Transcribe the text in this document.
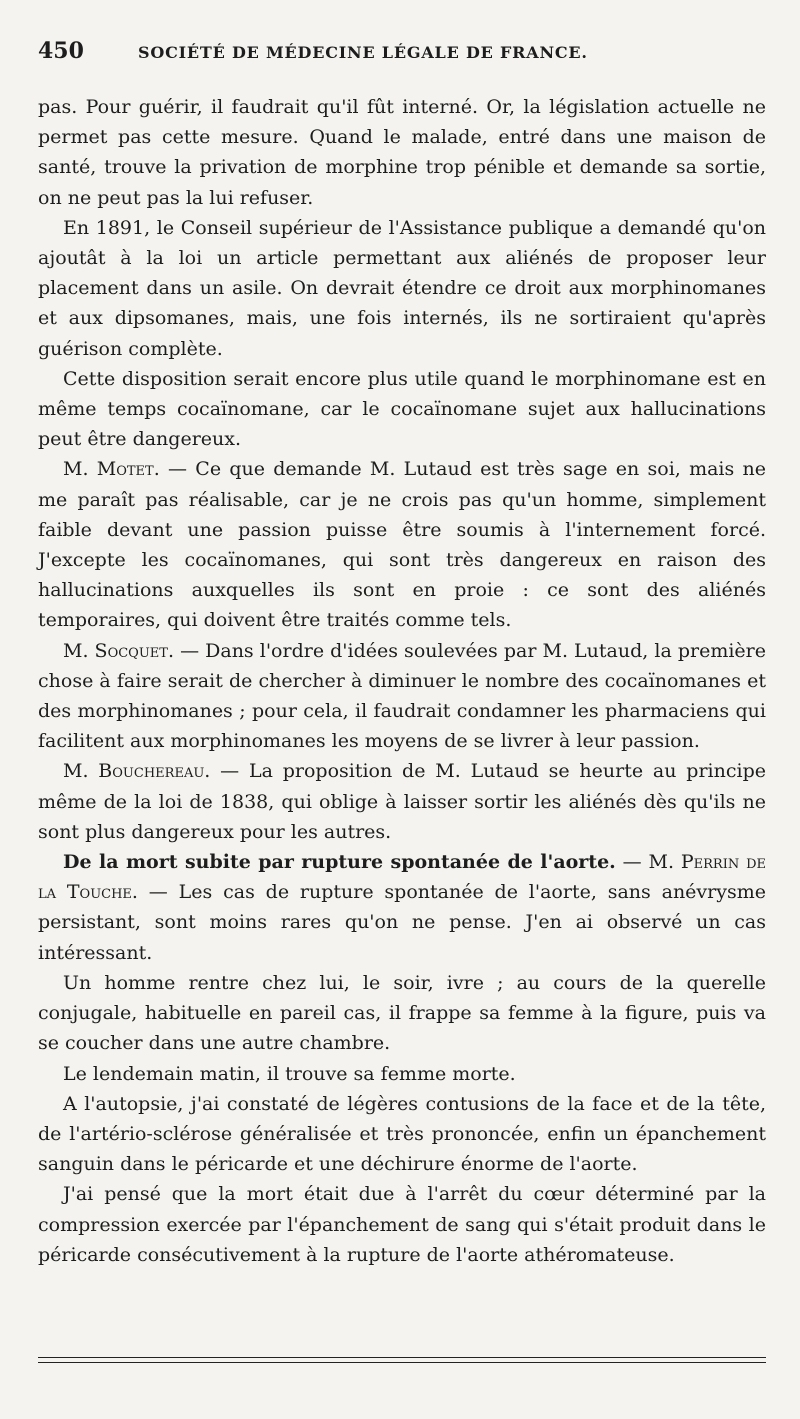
450	SOCIÉTÉ DE MÉDECINE LÉGALE DE FRANCE.

pas. Pour guérir, il faudrait qu'il fût interné. Or, la législation actuelle ne permet pas cette mesure. Quand le malade, entré dans une maison de santé, trouve la privation de morphine trop pénible et demande sa sortie, on ne peut pas la lui refuser.

En 1891, le Conseil supérieur de l'Assistance publique a demandé qu'on ajoutât à la loi un article permettant aux aliénés de proposer leur placement dans un asile. On devrait étendre ce droit aux morphinomanes et aux dipsomanes, mais, une fois internés, ils ne sortiraient qu'après guérison complète.

Cette disposition serait encore plus utile quand le morphinomane est en même temps cocaïnomane, car le cocaïnomane sujet aux hallucinations peut être dangereux.

M. Motet. — Ce que demande M. Lutaud est très sage en soi, mais ne me paraît pas réalisable, car je ne crois pas qu'un homme, simplement faible devant une passion puisse être soumis à l'internement forcé. J'excepte les cocaïnomanes, qui sont très dangereux en raison des hallucinations auxquelles ils sont en proie : ce sont des aliénés temporaires, qui doivent être traités comme tels.

M. Socquet. — Dans l'ordre d'idées soulevées par M. Lutaud, la première chose à faire serait de chercher à diminuer le nombre des cocaïnomanes et des morphinomanes ; pour cela, il faudrait condamner les pharmaciens qui facilitent aux morphinomanes les moyens de se livrer à leur passion.

M. Bouchereau. — La proposition de M. Lutaud se heurte au principe même de la loi de 1838, qui oblige à laisser sortir les aliénés dès qu'ils ne sont plus dangereux pour les autres.

De la mort subite par rupture spontanée de l'aorte. — M. Perrin de la Touche. — Les cas de rupture spontanée de l'aorte, sans anévrysme persistant, sont moins rares qu'on ne pense. J'en ai observé un cas intéressant.

Un homme rentre chez lui, le soir, ivre ; au cours de la querelle conjugale, habituelle en pareil cas, il frappe sa femme à la figure, puis va se coucher dans une autre chambre.

Le lendemain matin, il trouve sa femme morte.

A l'autopsie, j'ai constaté de légères contusions de la face et de la tête, de l'artério-sclérose généralisée et très prononcée, enfin un épanchement sanguin dans le péricarde et une déchirure énorme de l'aorte.

J'ai pensé que la mort était due à l'arrêt du cœur déterminé par la compression exercée par l'épanchement de sang qui s'était produit dans le péricarde consécutivement à la rupture de l'aorte athéromateuse.
